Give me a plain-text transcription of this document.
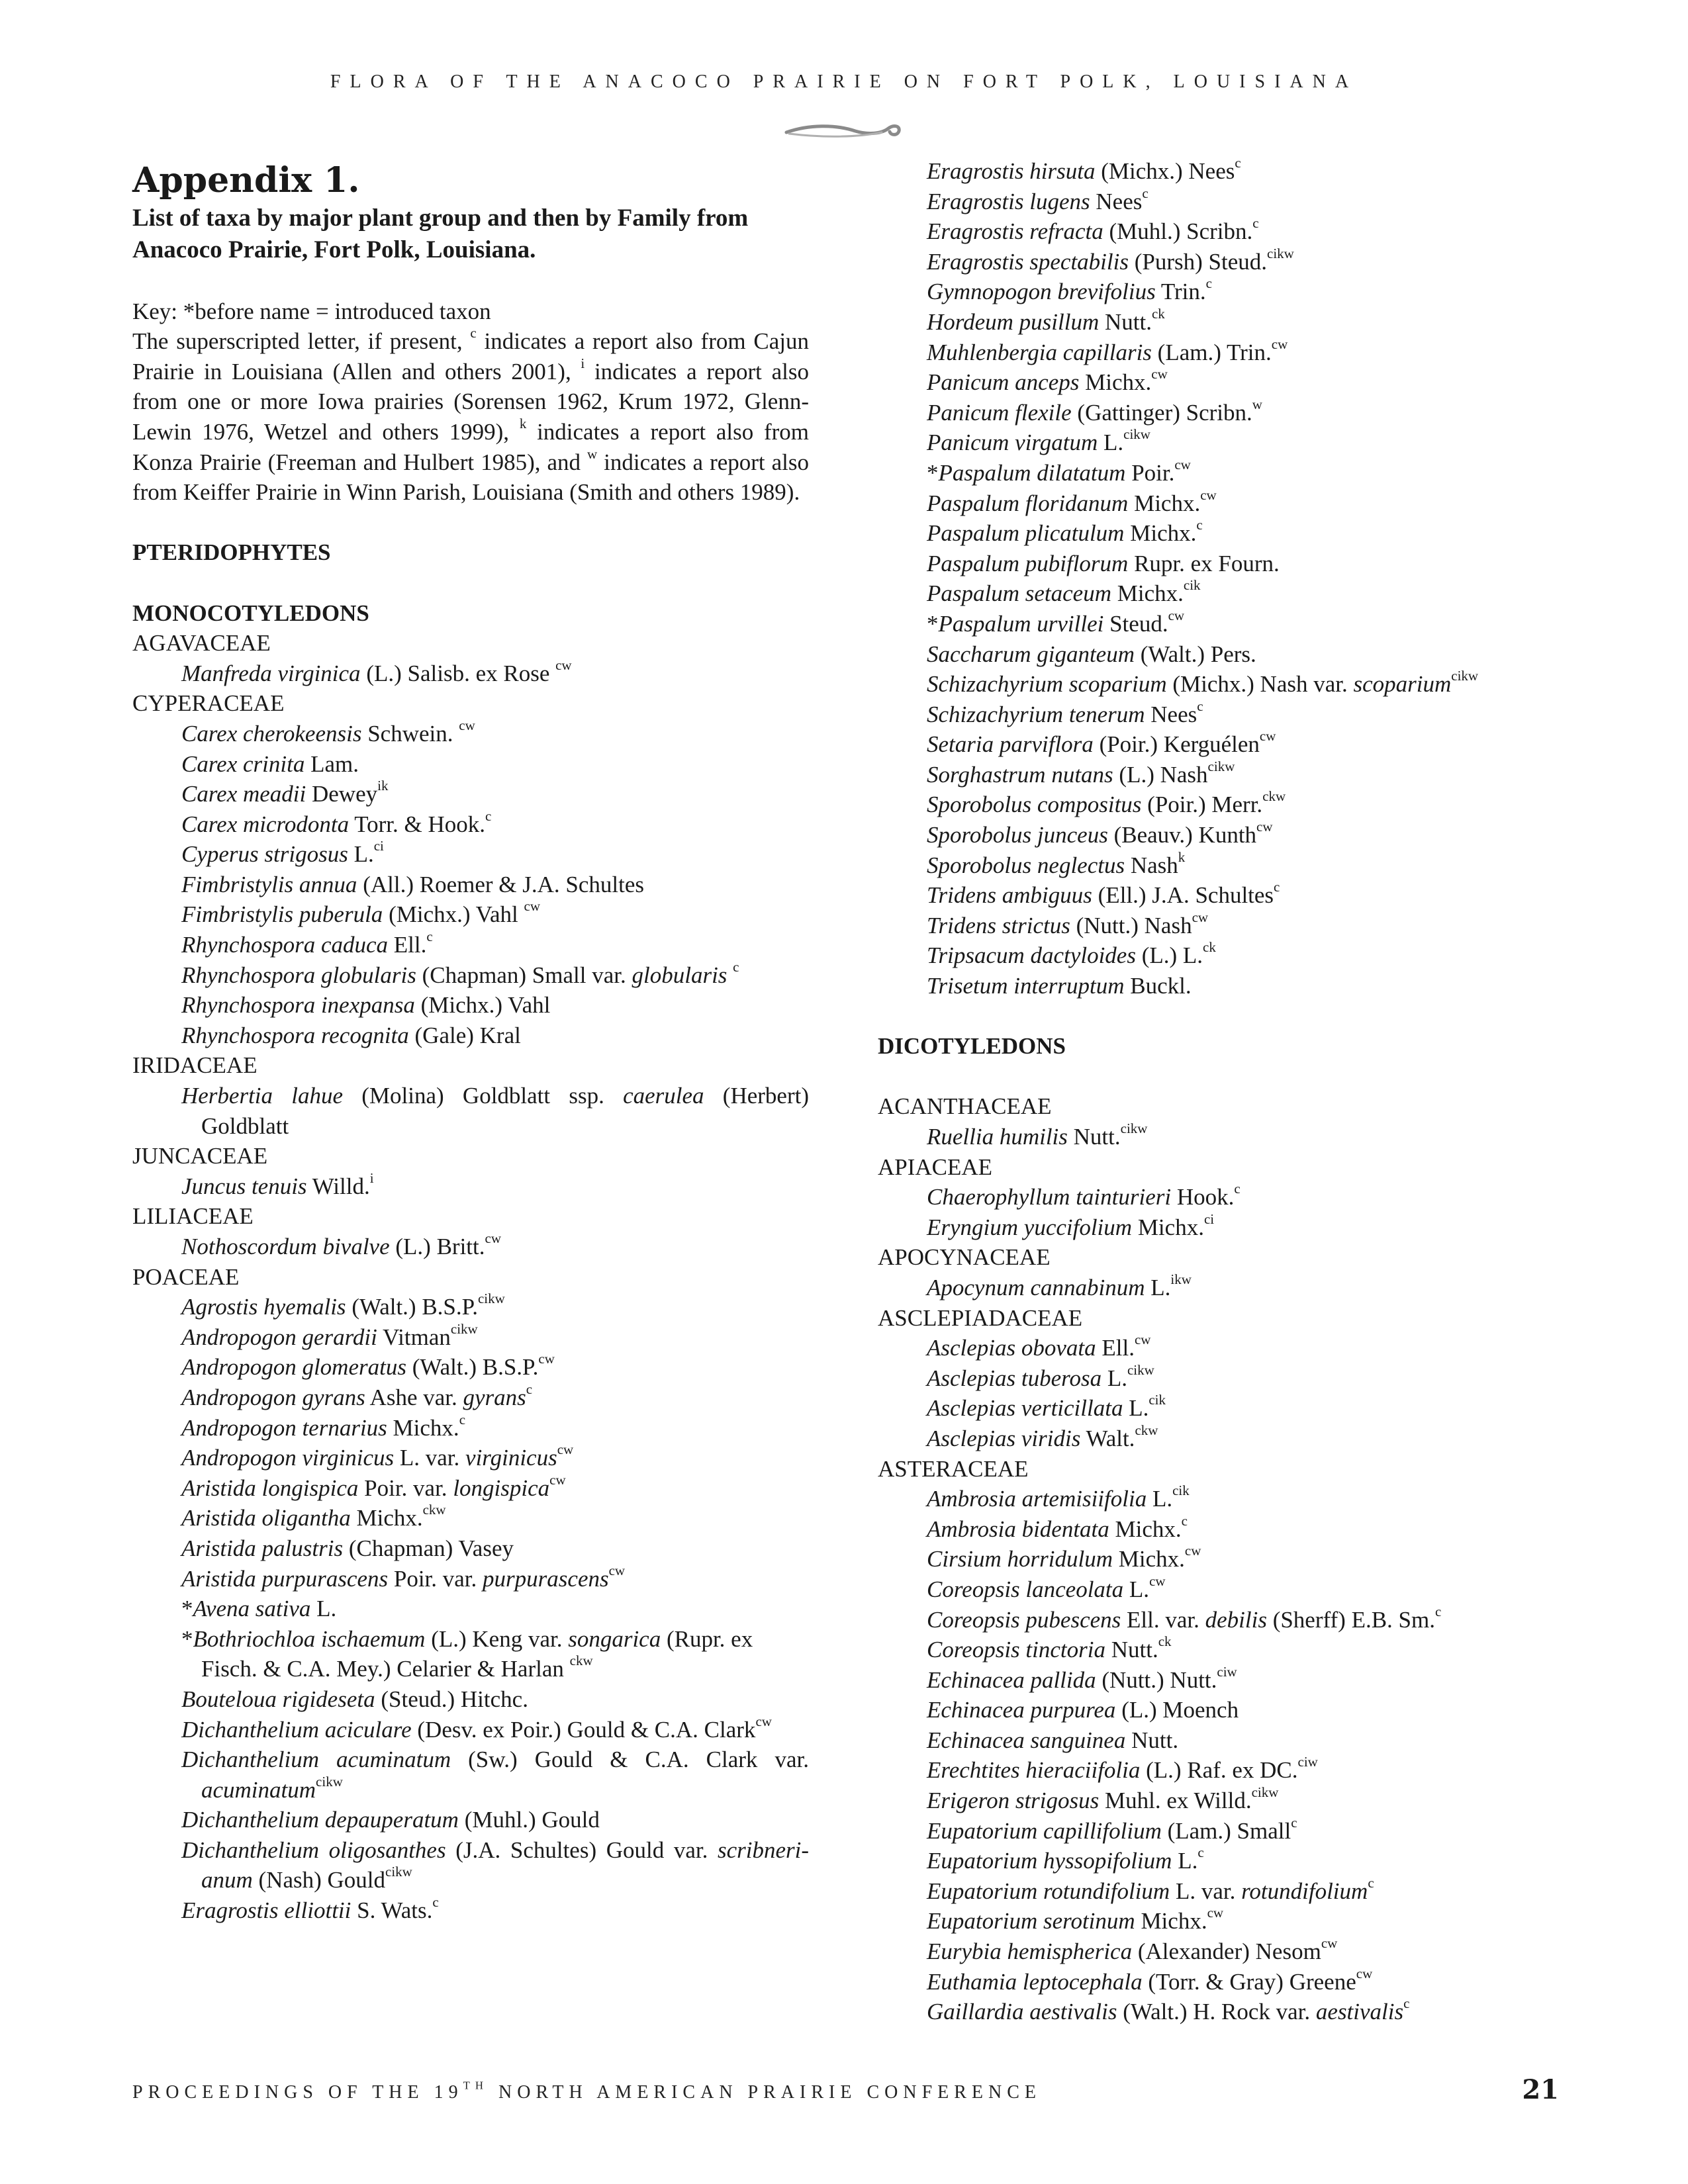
FLORA OF THE ANACOCO PRAIRIE ON FORT POLK, LOUISIANA
Appendix 1.
List of taxa by major plant group and then by Family from Anacoco Prairie, Fort Polk, Louisiana.
Key: *before name = introduced taxon
The superscripted letter, if present, $^c$ indicates a report also from Cajun Prairie in Louisiana (Allen and others 2001), $^i$ indicates a report also from one or more Iowa prairies (Sorensen 1962, Krum 1972, Glenn-Lewin 1976, Wetzel and others 1999), $^k$ indicates a report also from Konza Prairie (Freeman and Hulbert 1985), and $^w$ indicates a report also from Keiffer Prairie in Winn Parish, Louisiana (Smith and others 1989).
PTERIDOPHYTES
MONOCOTYLEDONS
AGAVACEAE
Manfreda virginica (L.) Salisb. ex Rose $^{cw}$
CYPERACEAE
Carex cherokeensis Schwein. $^{cw}$
Carex crinita Lam.
Carex meadii Dewey$^{ik}$
Carex microdonta Torr. & Hook.$^c$
Cyperus strigosus L.$^{ci}$
Fimbristylis annua (All.) Roemer & J.A. Schultes
Fimbristylis puberula (Michx.) Vahl $^{cw}$
Rhynchospora caduca Ell.$^c$
Rhynchospora globularis (Chapman) Small var. globularis $^c$
Rhynchospora inexpansa (Michx.) Vahl
Rhynchospora recognita (Gale) Kral
IRIDACEAE
Herbertia lahue (Molina) Goldblatt ssp. caerulea (Herbert) Goldblatt
JUNCACEAE
Juncus tenuis Willd.$^i$
LILIACEAE
Nothoscordum bivalve (L.) Britt.$^{cw}$
POACEAE
Agrostis hyemalis (Walt.) B.S.P.$^{cikw}$
Andropogon gerardii Vitman$^{cikw}$
Andropogon glomeratus (Walt.) B.S.P.$^{cw}$
Andropogon gyrans Ashe var. gyrans$^c$
Andropogon ternarius Michx.$^c$
Andropogon virginicus L. var. virginicus$^{cw}$
Aristida longispica Poir. var. longispica$^{cw}$
Aristida oligantha Michx.$^{ckw}$
Aristida palustris (Chapman) Vasey
Aristida purpurascens Poir. var. purpurascens$^{cw}$
*Avena sativa L.
*Bothriochloa ischaemum (L.) Keng var. songarica (Rupr. ex Fisch. & C.A. Mey.) Celarier & Harlan $^{ckw}$
Bouteloua rigideseta (Steud.) Hitchc.
Dichanthelium aciculare (Desv. ex Poir.) Gould & C.A. Clark$^{cw}$
Dichanthelium acuminatum (Sw.) Gould & C.A. Clark var. acuminatum$^{cikw}$
Dichanthelium depauperatum (Muhl.) Gould
Dichanthelium oligosanthes (J.A. Schultes) Gould var. scribneri-anum (Nash) Gould$^{cikw}$
Eragrostis elliottii S. Wats.$^c$
Eragrostis hirsuta (Michx.) Nees$^c$
Eragrostis lugens Nees$^c$
Eragrostis refracta (Muhl.) Scribn.$^c$
Eragrostis spectabilis (Pursh) Steud.$^{cikw}$
Gymnopogon brevifolius Trin.$^c$
Hordeum pusillum Nutt.$^{ck}$
Muhlenbergia capillaris (Lam.) Trin.$^{cw}$
Panicum anceps Michx.$^{cw}$
Panicum flexile (Gattinger) Scribn.$^w$
Panicum virgatum L.$^{cikw}$
*Paspalum dilatatum Poir.$^{cw}$
Paspalum floridanum Michx.$^{cw}$
Paspalum plicatulum Michx.$^c$
Paspalum pubiflorum Rupr. ex Fourn.
Paspalum setaceum Michx.$^{cik}$
*Paspalum urvillei Steud.$^{cw}$
Saccharum giganteum (Walt.) Pers.
Schizachyrium scoparium (Michx.) Nash var. scoparium$^{cikw}$
Schizachyrium tenerum Nees$^c$
Setaria parviflora (Poir.) Kerguélen$^{cw}$
Sorghastrum nutans (L.) Nash$^{cikw}$
Sporobolus compositus (Poir.) Merr.$^{ckw}$
Sporobolus junceus (Beauv.) Kunth$^{cw}$
Sporobolus neglectus Nash$^k$
Tridens ambiguus (Ell.) J.A. Schultes$^c$
Tridens strictus (Nutt.) Nash$^{cw}$
Tripsacum dactyloides (L.) L.$^{ck}$
Trisetum interruptum Buckl.
DICOTYLEDONS
ACANTHACEAE
Ruellia humilis Nutt.$^{cikw}$
APIACEAE
Chaerophyllum tainturieri Hook.$^c$
Eryngium yuccifolium Michx.$^{ci}$
APOCYNACEAE
Apocynum cannabinum L.$^{ikw}$
ASCLEPIADACEAE
Asclepias obovata Ell.$^{cw}$
Asclepias tuberosa L.$^{cikw}$
Asclepias verticillata L.$^{cik}$
Asclepias viridis Walt.$^{ckw}$
ASTERACEAE
Ambrosia artemisiifolia L.$^{cik}$
Ambrosia bidentata Michx.$^c$
Cirsium horridulum Michx.$^{cw}$
Coreopsis lanceolata L.$^{cw}$
Coreopsis pubescens Ell. var. debilis (Sherff) E.B. Sm.$^c$
Coreopsis tinctoria Nutt.$^{ck}$
Echinacea pallida (Nutt.) Nutt.$^{ciw}$
Echinacea purpurea (L.) Moench
Echinacea sanguinea Nutt.
Erechtites hieraciifolia (L.) Raf. ex DC.$^{ciw}$
Erigeron strigosus Muhl. ex Willd.$^{cikw}$
Eupatorium capillifolium (Lam.) Small$^c$
Eupatorium hyssopifolium L.$^c$
Eupatorium rotundifolium L. var. rotundifolium$^c$
Eupatorium serotinum Michx.$^{cw}$
Eurybia hemispherica (Alexander) Nesom$^{cw}$
Euthamia leptocephala (Torr. & Gray) Greene$^{cw}$
Gaillardia aestivalis (Walt.) H. Rock var. aestivalis$^c$
PROCEEDINGS OF THE 19TH NORTH AMERICAN PRAIRIE CONFERENCE	21
